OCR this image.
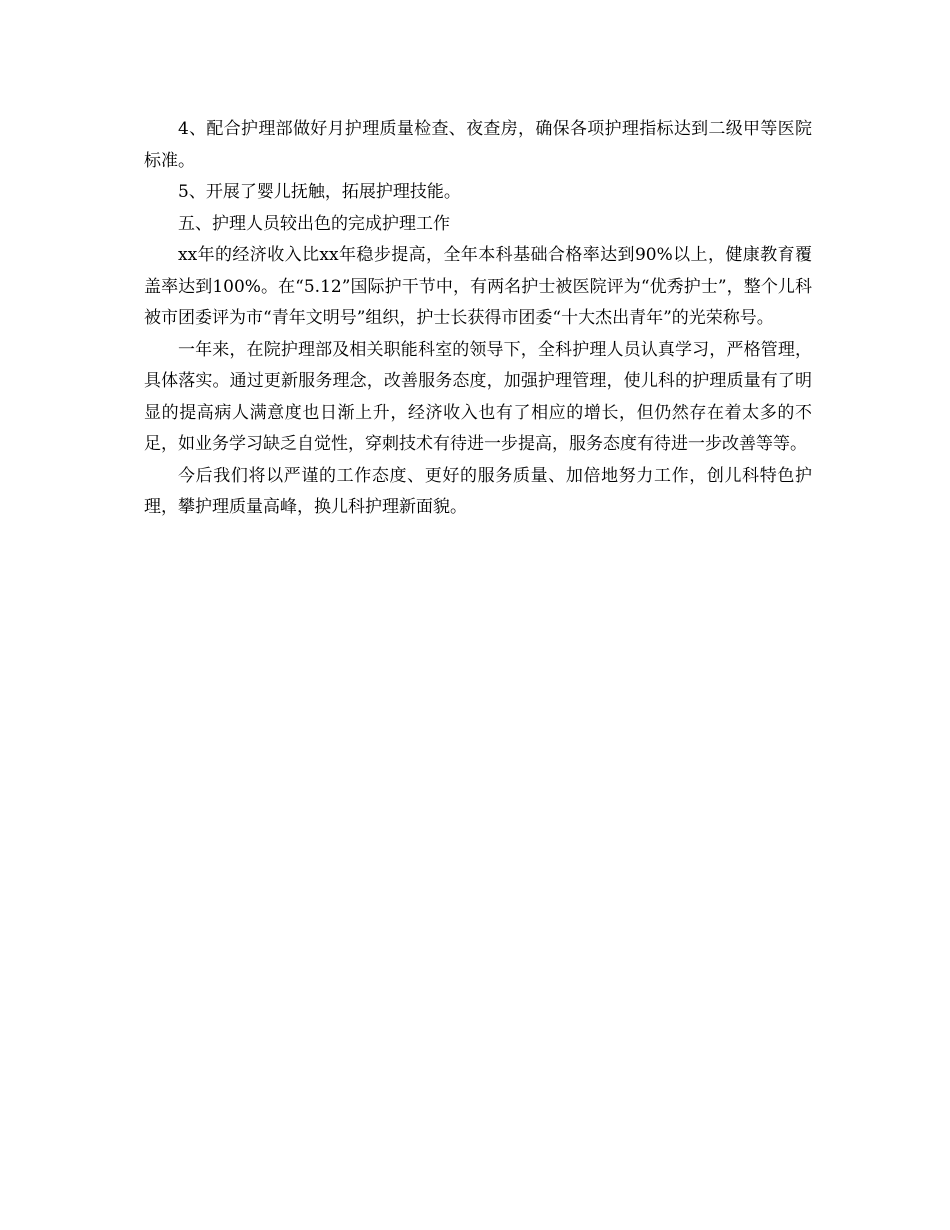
4、配合护理部做好月护理质量检查、夜查房，确保各项护理指标达到二级甲等医院标准。

5、开展了婴儿抚触，拓展护理技能。

五、护理人员较出色的完成护理工作

xx年的经济收入比xx年稳步提高，全年本科基础合格率达到90%以上，健康教育覆盖率达到100%。在“5.12”国际护干节中，有两名护士被医院评为“优秀护士”，整个儿科被市团委评为市“青年文明号”组织，护士长获得市团委“十大杰出青年”的光荣称号。

一年来，在院护理部及相关职能科室的领导下，全科护理人员认真学习，严格管理，具体落实。通过更新服务理念，改善服务态度，加强护理管理，使儿科的护理质量有了明显的提高病人满意度也日渐上升，经济收入也有了相应的增长，但仍然存在着太多的不足，如业务学习缺乏自觉性，穿刺技术有待进一步提高，服务态度有待进一步改善等等。

今后我们将以严谨的工作态度、更好的服务质量、加倍地努力工作，创儿科特色护理，攀护理质量高峰，换儿科护理新面貌。
